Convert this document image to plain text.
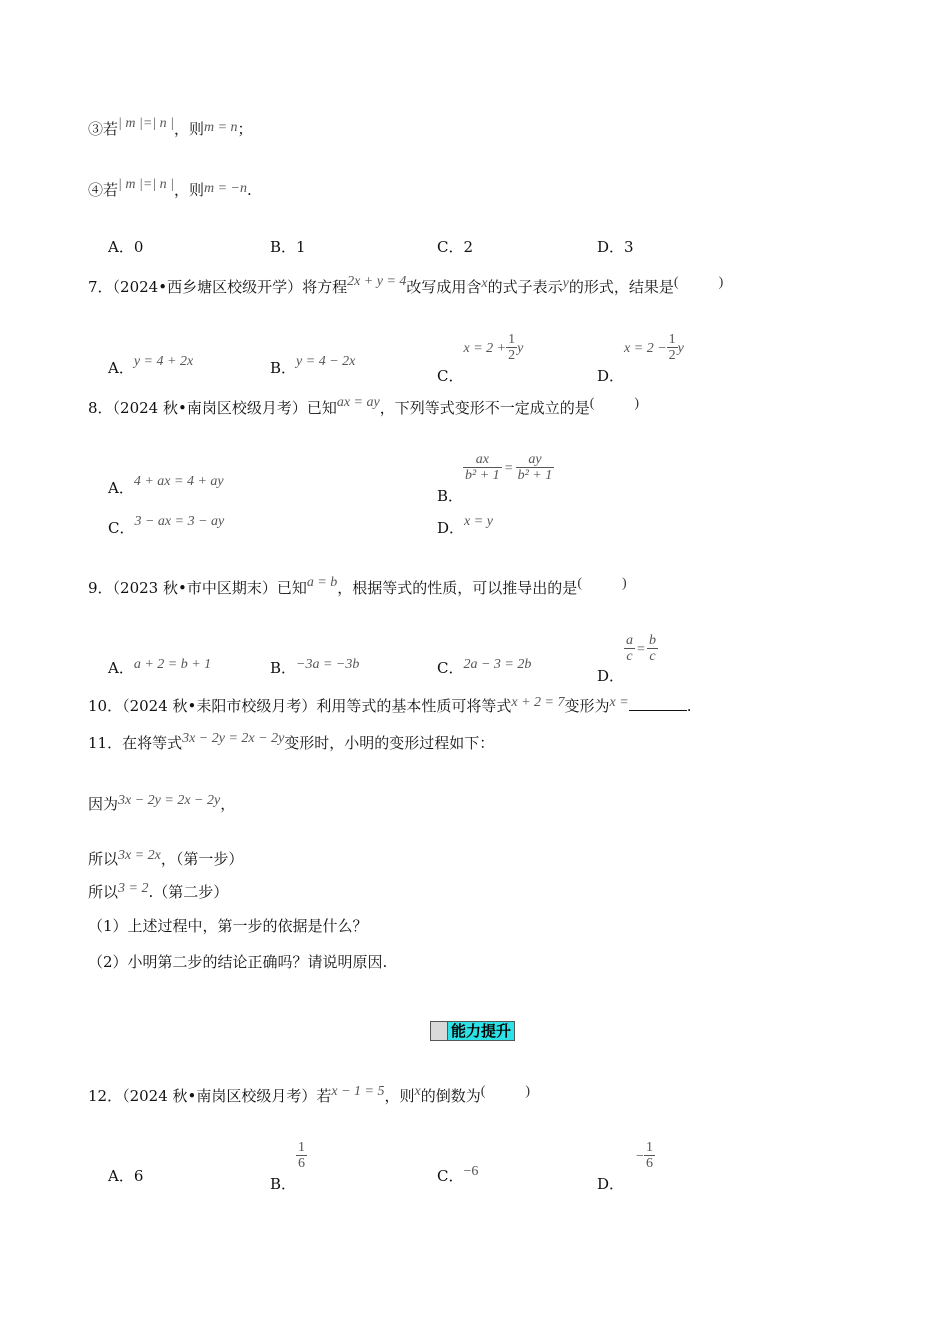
③若| m |=| n |，则m = n；
④若| m |=| n |，则m = −n.
A．0	B．1	C．2	D．3
7．（2024•西乡塘区校级开学）将方程2x + y = 4改写成用含x的式子表示y的形式，结果是(	)
A．y = 4 + 2x	B．y = 4 − 2x
C．$x = 2 + \frac{1}{2}$ y
D．$x = 2 - \frac{1}{2}$ y
8．（2024 秋•南岗区校级月考）已知ax = ay，下列等式变形不一定成立的是(	)
A．4 + ax = 4 + ay
B．
$\frac{ax}{\text{b² + 1}} = \frac{ay}{\text{b² + 1}}$
C．3 − ax = 3 − ay	D．x = y
9．（2023 秋•市中区期末）已知a = b，根据等式的性质，可以推导出的是(	)
A．a + 2 = b + 1	B．−3a = −3b	C．2a − 3 = 2b
D．
$\frac{a}{c} = \frac{b}{c}$
10．（2024 秋•耒阳市校级月考）利用等式的基本性质可将等式x + 2 = 7变形为x =	.
11．在将等式3x − 2y = 2x − 2y变形时，小明的变形过程如下：
因为3x − 2y = 2x − 2y，
所以3x = 2x，（第一步）
所以3 = 2.（第二步）
（1）上述过程中，第一步的依据是什么？
（2）小明第二步的结论正确吗？请说明原因.
能力提升
12．（2024 秋•南岗区校级月考）若x − 1 = 5，则x的倒数为(	)
A．6	B．
$\frac{1}{6}$
C．−6
D．− $\frac{1}{6}$
